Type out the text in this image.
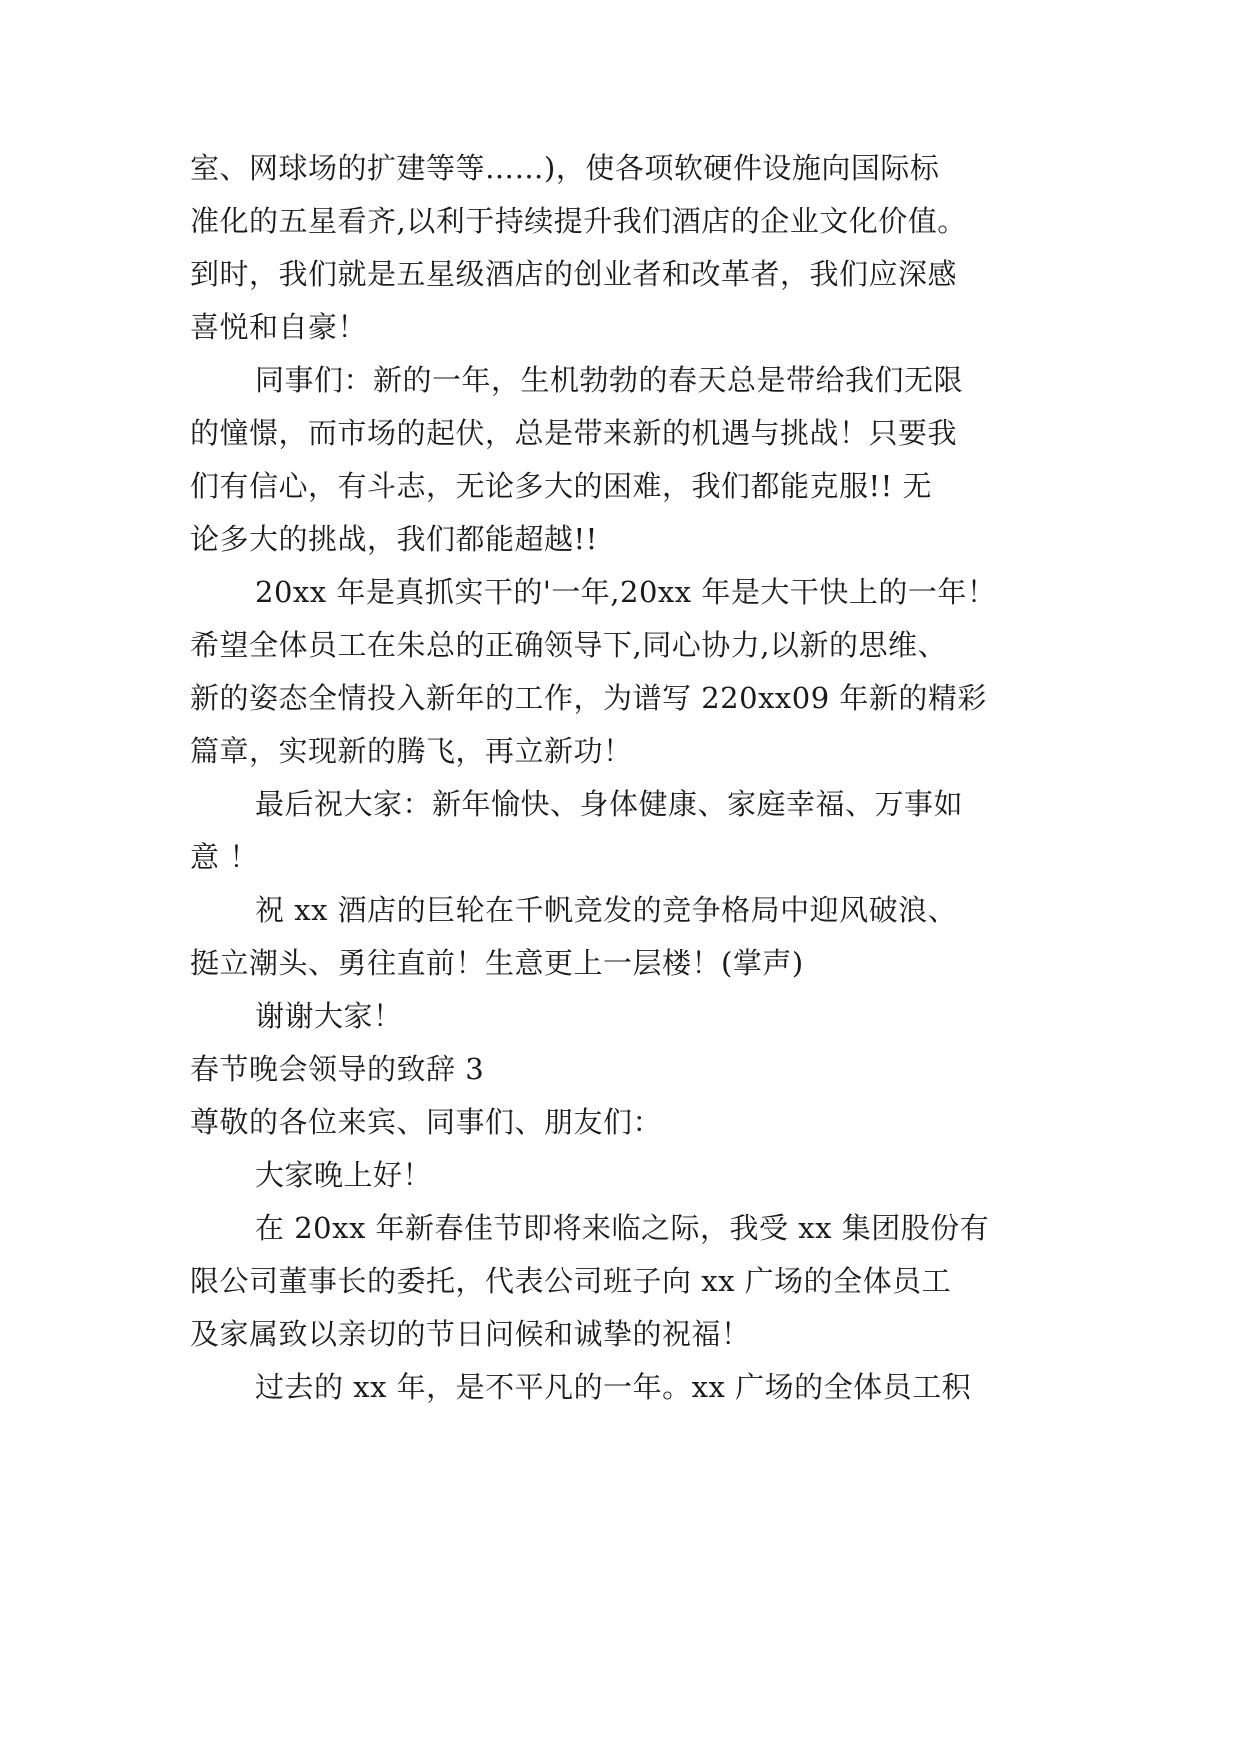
室、网球场的扩建等等……)，使各项软硬件设施向国际标
准化的五星看齐,以利于持续提升我们酒店的企业文化价值。
到时，我们就是五星级酒店的创业者和改革者，我们应深感
喜悦和自豪！
同事们：新的一年，生机勃勃的春天总是带给我们无限
的憧憬，而市场的起伏，总是带来新的机遇与挑战！只要我
们有信心，有斗志，无论多大的困难，我们都能克服!! 无
论多大的挑战，我们都能超越!!
20xx 年是真抓实干的'一年,20xx 年是大干快上的一年！
希望全体员工在朱总的正确领导下,同心协力,以新的思维、
新的姿态全情投入新年的工作，为谱写 220xx09 年新的精彩
篇章，实现新的腾飞，再立新功！
最后祝大家：新年愉快、身体健康、家庭幸福、万事如
意 ！
祝 xx 酒店的巨轮在千帆竞发的竞争格局中迎风破浪、
挺立潮头、勇往直前！生意更上一层楼！(掌声)
谢谢大家！
春节晚会领导的致辞 3
尊敬的各位来宾、同事们、朋友们：
大家晚上好！
在 20xx 年新春佳节即将来临之际，我受 xx 集团股份有
限公司董事长的委托，代表公司班子向 xx 广场的全体员工
及家属致以亲切的节日问候和诚挚的祝福！
过去的 xx 年，是不平凡的一年。xx 广场的全体员工积
